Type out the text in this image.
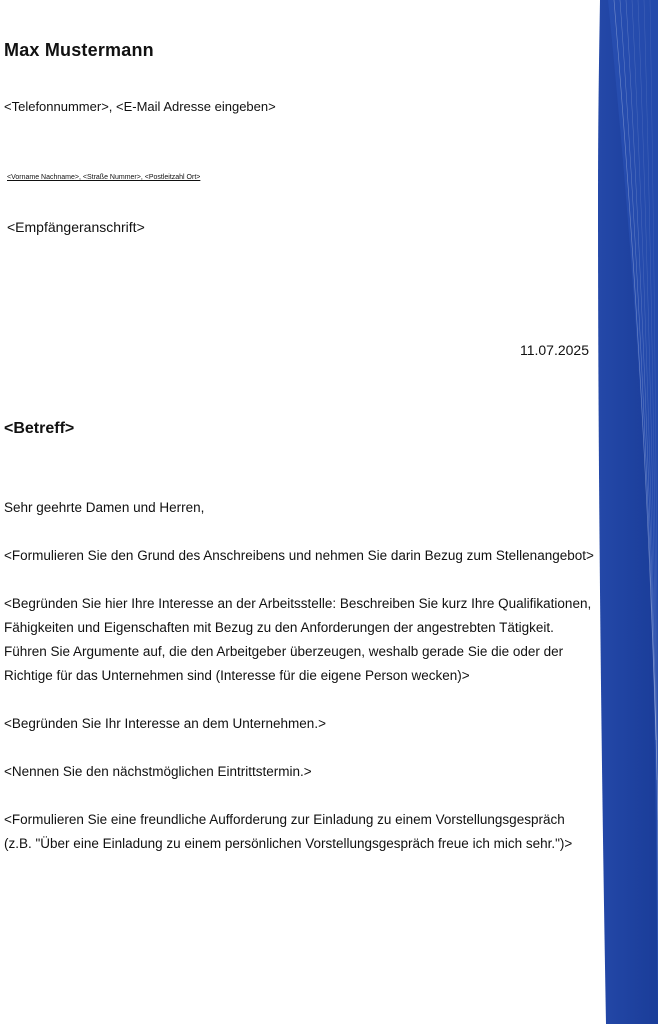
Max Mustermann
<Telefonnummer>, <E-Mail Adresse eingeben>
<Vorname Nachname>, <Straße Nummer>, <Postleitzahl Ort>
<Empfängeranschrift>
11.07.2025
<Betreff>

Sehr geehrte Damen und Herren,

<Formulieren Sie den Grund des Anschreibens und nehmen Sie darin Bezug zum Stellenangebot>

<Begründen Sie hier Ihre Interesse an der Arbeitsstelle: Beschreiben Sie kurz Ihre Qualifikationen, Fähigkeiten und Eigenschaften mit Bezug zu den Anforderungen der angestrebten Tätigkeit. Führen Sie Argumente auf, die den Arbeitgeber überzeugen, weshalb gerade Sie die oder der Richtige für das Unternehmen sind (Interesse für die eigene Person wecken)>

<Begründen Sie Ihr Interesse an dem Unternehmen.>

<Nennen Sie den nächstmöglichen Eintrittstermin.>

<Formulieren Sie eine freundliche Aufforderung zur Einladung zu einem Vorstellungsgespräch (z.B. "Über eine Einladung zu einem persönlichen Vorstellungsgespräch freue ich mich sehr.")>
